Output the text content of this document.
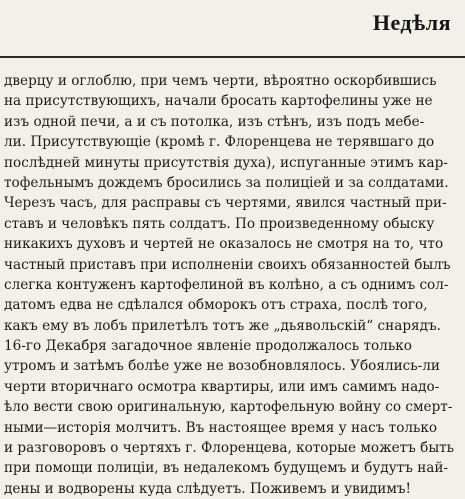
Недѣля
дверцу и оглоблю, при чемъ черти, вѣроятно оскорбившись
на присутствующихъ, начали бросать картофелины уже не
изъ одной печи, а и съ потолка, изъ стѣнъ, изъ подъ мебе-
ли. Присутствующіе (кромѣ г. Флоренцева не терявшаго до
послѣдней минуты присутствія духа), испуганные этимъ кар-
тофельнымъ дождемъ бросились за полиціей и за солдатами.
Черезъ часъ, для расправы съ чертями, явился частный при-
ставъ и человѣкъ пять солдатъ. По произведенному обыску
никакихъ духовъ и чертей не оказалось не смотря на то, что
частный приставъ при исполненіи своихъ обязанностей былъ
слегка контуженъ картофелиной въ колѣно, а съ однимъ сол-
датомъ едва не сдѣлался обморокъ отъ страха, послѣ того,
какъ ему въ лобъ прилетѣлъ тотъ же „дьявольскій“ снарядъ.
16-го Декабря загадочное явленіе продолжалось только
утромъ и затѣмъ болѣе уже не возобновлялось. Убоялись-ли
черти вторичнаго осмотра квартиры, или имъ самимъ надо-
ѣло вести свою оригинальную, картофельную войну со смерт-
ными—исторія молчитъ. Въ настоящее время у насъ только
и разговоровъ о чертяхъ г. Флоренцева, которые можетъ быть
при помощи полиціи, въ недалекомъ будущемъ и будутъ най-
дены и водворены куда слѣдуетъ. Поживемъ и увидимъ!
